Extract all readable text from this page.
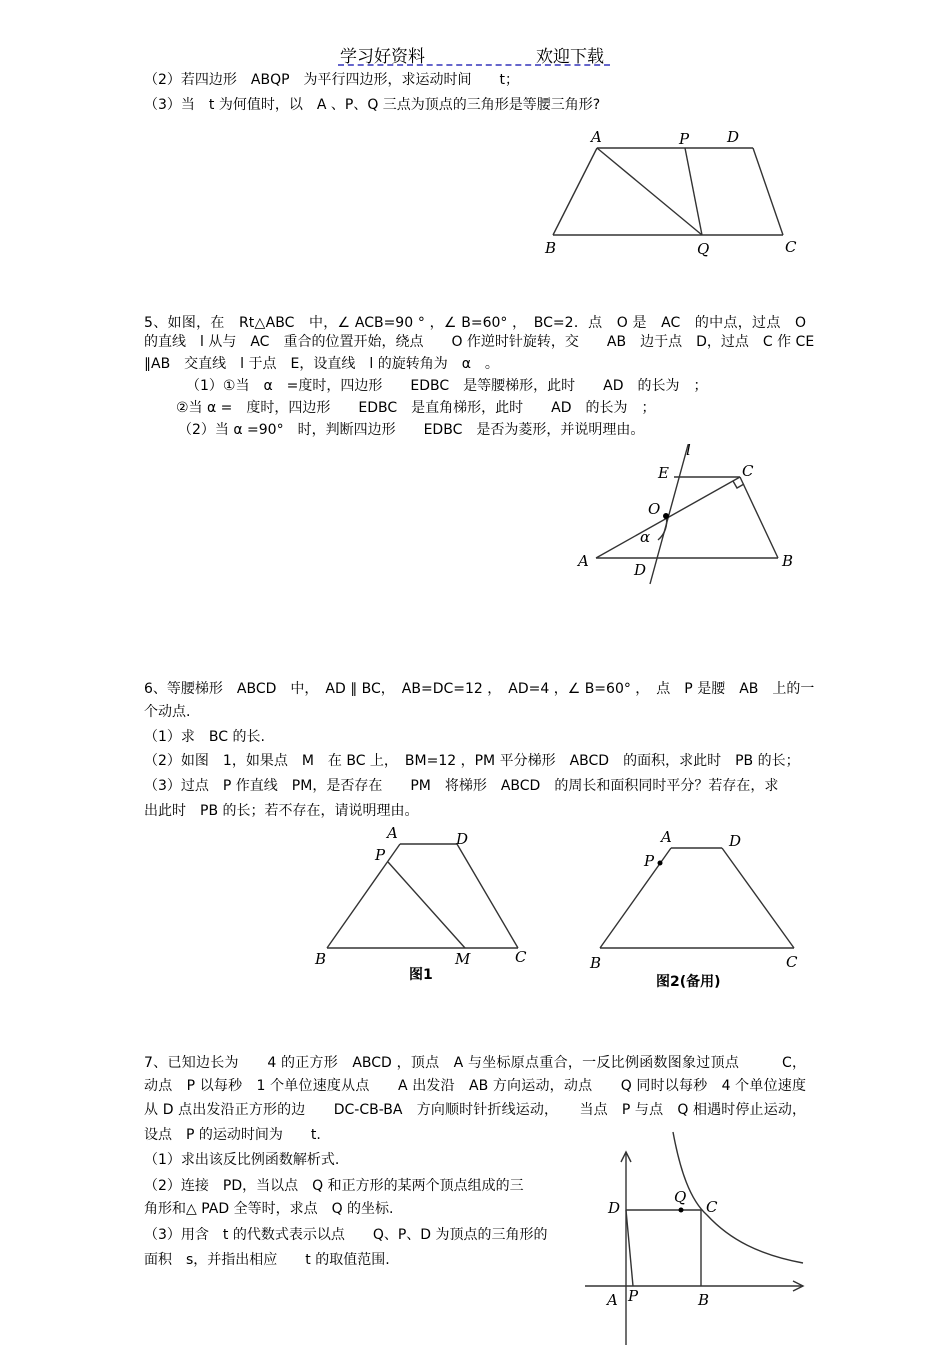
学习好资料	欢迎下载
（2）若四边形　ABQP　为平行四边形，求运动时间　　t；
（3）当　t 为何值时，以　A 、P、Q 三点为顶点的三角形是等腰三角形?
A	P	D
B	Q	C
5、如图，在　Rt△ABC　中，∠ ACB=90 ° ，∠ B=60° ，　BC=2．点　O 是　AC　的中点，过点　O
的直线　l 从与　AC　重合的位置开始，绕点　　O 作逆时针旋转，交　　AB　边于点　D，过点　C 作 CE
∥AB　交直线　l 于点　E，设直线　l 的旋转角为　α　。
（1）①当　α　=度时，四边形　　EDBC　是等腰梯形，此时　　AD　的长为　；
②当 α =　度时，四边形　　EDBC　是直角梯形，此时　　AD　的长为　；
（2）当 α =90°　时，判断四边形　　EDBC　是否为菱形，并说明理由。
l
E	C
O
α
A	D	B
6、等腰梯形　ABCD　中，　AD ∥ BC，　AB=DC=12 ，　AD=4 ，∠ B=60° ，　点　P 是腰　AB　上的一
个动点.
（1）求　BC 的长.
（2）如图　1，如果点　M　在 BC 上，　BM=12 ，PM 平分梯形　ABCD　的面积，求此时　PB 的长；
（3）过点　P 作直线　PM，是否存在　　PM　将梯形　ABCD　的周长和面积同时平分？若存在，求
出此时　PB 的长；若不存在，请说明理由。
A	D
P
B	M	C
图1
A	D
P
B	C
图2(备用)
7、已知边长为　　4 的正方形　ABCD ，顶点　A 与坐标原点重合，一反比例函数图象过顶点　　　C，
动点　P 以每秒　1 个单位速度从点　　A 出发沿　AB 方向运动，动点　　Q 同时以每秒　4 个单位速度
从 D 点出发沿正方形的边　　DC-CB-BA　方向顺时针折线运动，　　当点　P 与点　Q 相遇时停止运动，
设点　P 的运动时间为　　t.
（1）求出该反比例函数解析式.
（2）连接　PD，当以点　Q 和正方形的某两个顶点组成的三
角形和△ PAD 全等时，求点　Q 的坐标.
（3）用含　t 的代数式表示以点　　Q、P、D 为顶点的三角形的
面积　s，并指出相应　　t 的取值范围.
D
Q
C
A P	B
